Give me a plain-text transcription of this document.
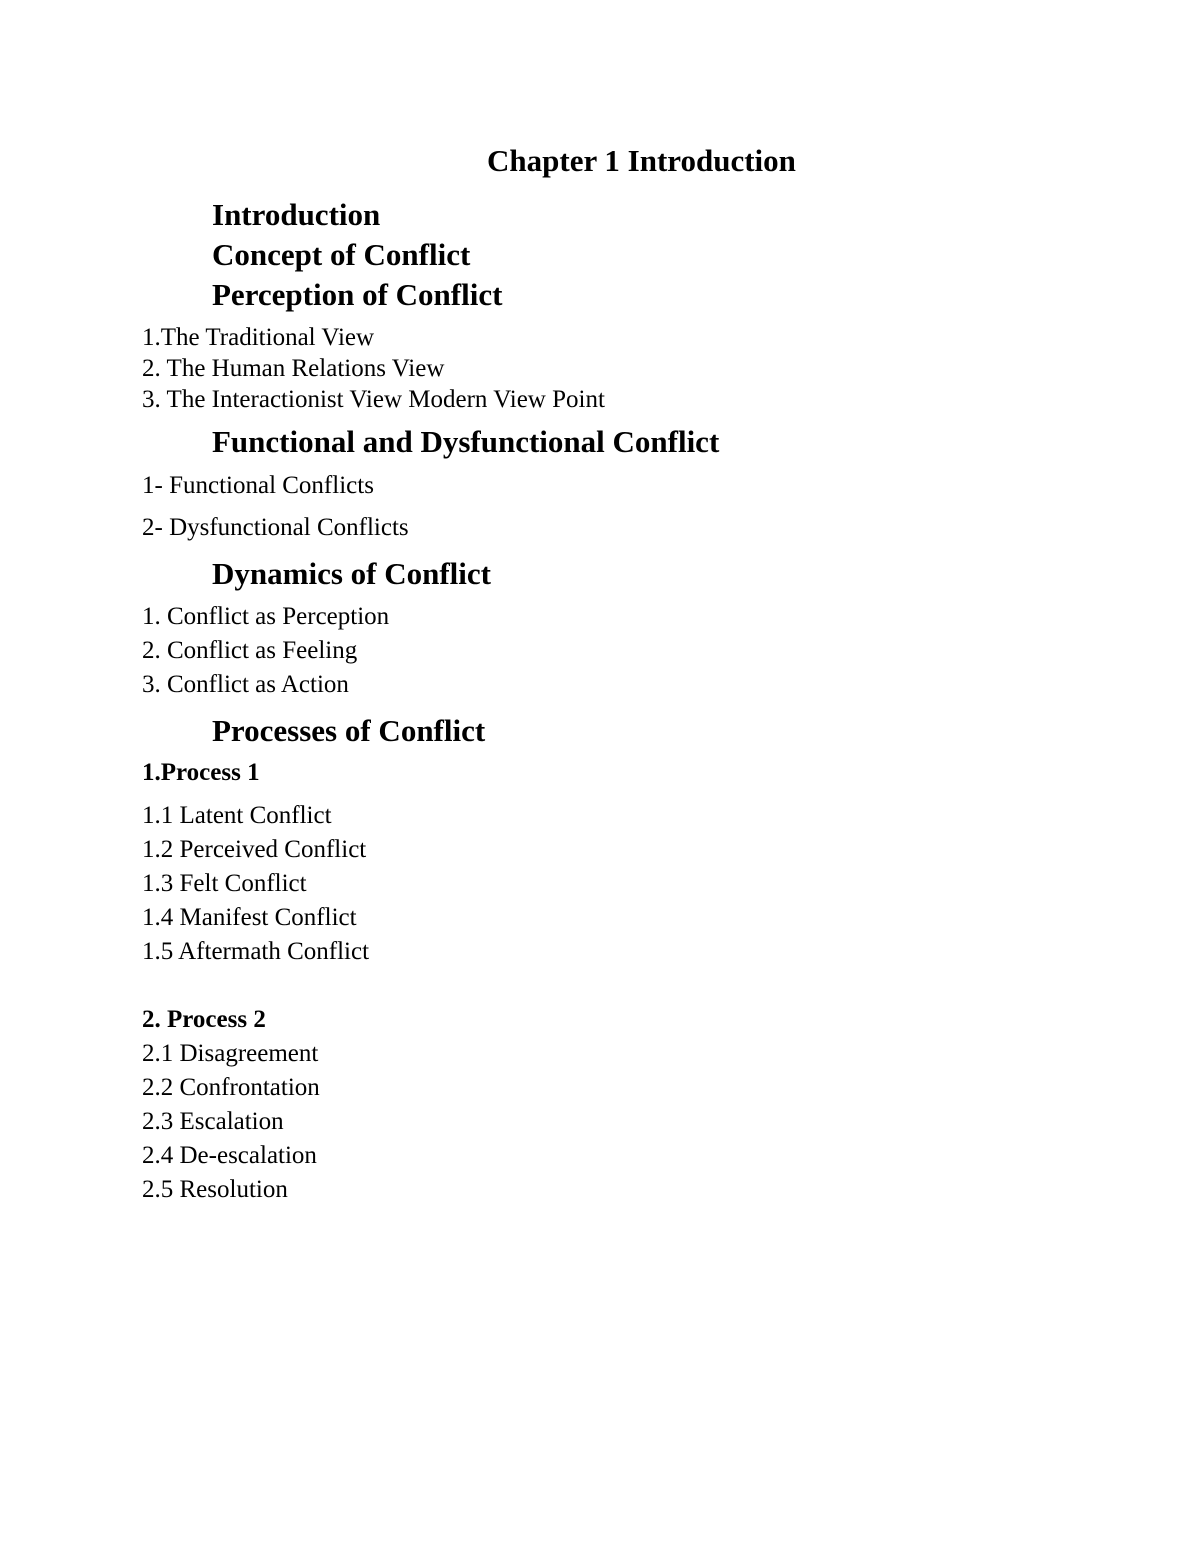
Chapter 1 Introduction
Introduction
Concept of Conflict
Perception of Conflict
1.The Traditional View
2. The Human Relations View
3. The Interactionist View Modern View Point
Functional and Dysfunctional Conflict
1- Functional Conflicts
2- Dysfunctional Conflicts
Dynamics of Conflict
1. Conflict as Perception
2. Conflict as Feeling
3. Conflict as Action
Processes of Conflict
1.Process 1
1.1 Latent Conflict
1.2 Perceived Conflict
1.3 Felt Conflict
1.4 Manifest Conflict
1.5 Aftermath Conflict
2. Process 2
2.1 Disagreement
2.2 Confrontation
2.3 Escalation
2.4 De-escalation
2.5 Resolution
